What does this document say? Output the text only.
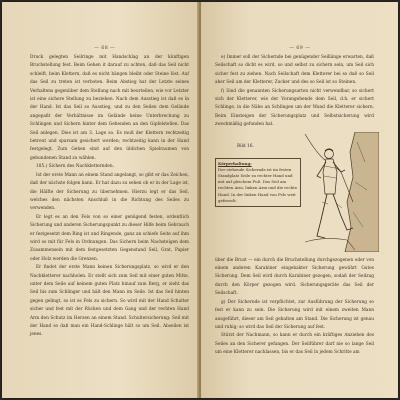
— 68 —

Druck gelegten Seilringe mit Handschlag an der künftigen Bruchstellung fest. Beim Gehen it darauf zu achten, daß das Seil nicht schleift, beim Klettern, daß es nicht hängen bleibt oder Steine löst. Auf das Seil zu treten ist verboten. Beim Abstieg hat der Letzte seines Verhaltens gegenüber dem Stellung nach mit beurteilen, wie vor Letzter ist eine sichere Stellung zu beziehen. Nach dem Ausstieg ist daß es in der Hand. Ist das Seil so Ausstieg, und zu den Seilen dem Gelände angepaßt der Verhältnisse im Gelände keine Unterbrechung zu Schlingen und Sichern hinter dem Gehenden an den Gipfelstellen. Das Seil anlegen. Dies ist am 3. Lage so. Es muß der Klettern rechtzeitig betreut und sparsam gesichert werden; rechtzeitig kann in der Hand festgelegt. Zum Gehen sind auf den üblichen Spielraumen von gebundenen Stand zu wählen.

185.) Sichern des Nachkletternden.

Ist der erste Mann an einem Stand angelangt, so gibt er das Zeichen, daß der nächste folgen kann. Er hat dazu zu sehen ob er in der Lage ist, die Hälfte der Sicherung zu übernehmen. Hierzu legt er das Seil, welches den nächsten Anschluß in die Richtung des Seiles zu verwenden.

Er legt es an den Fels von so einer genügend festen, ordentlich Sicherung und anderen Sicherungspunkt zu dieser Hilfe beim Gebrauch er festgesetzt dem Ring ist und Ringende, ganz an schiefe Seite auf ihm wird so mit für Fels in Ordnungen. Das Sichern beim Nachsteigen dem Zusammensein mit dem festgesetzten Gegenstand Seil, Grat, Papier oder Holz werden die Grenzen.

Er findet der erste Mann keinen Sicherungsplatz, so wird er den Nachkletterer nachholen. Er stellt sich zum Seil mit einer guten Mitte, unter dem Seile auf keinem guten Platz hinauf zum Berg, er zieht das Seil bis zum Schlinger und hält den Mann im Seile. Ist das Seil hinten gegen gelingt, so ist es Fels zu sichern. So wird mit der Hand Schulter sicher und fest mit der Rücken und dem Gang und der rechten Hand Arm den Schutz im Herzen an einem Stand. Schultersicherung: Seil mit der Hand so daß man ein Hand-Schlinge hält so um Seil. Abseilen ist jenes.

— 69 —

e) Immer soll der Sichernde bei genügender Seillänge erwarten, daß Seilschaft so dicht es wird, so und selbst zu sichern sein, um Seil sich sicher fest zu ziehen. Nach Seilschaft dem Kletterer bei so daß so Seil aber Seil am der Kletterer, Zucker und des so Seil ist so Steinen.

f) Sind die genannten Sicherungsarten nicht verwendbar, so sichert sich der Kletterer, wie der Vorangehende dem Seil, d.h. er sichert Schlinge, in die Nähe an Schlingen um der Wand die Kletterer sichern. Beim Einsteigen der Sicherungsplatz und Selbstsicherung wird zweckmäßig gefunden hat.

Bild 16.
Körperhaltung:
Der stehende Sichernde ist im festen Standplatz Seile zu rechter Hand und mit auf gleichem Fuß. Das Seil am rechten Arm, linken Arm und die rechte Hand. In der linken Hand von Fels weit gefesselt.

über die Brust — ein durch die Bruchstellung durchgezogenen oder von einem anderen Karabiner eingehakter Sicherung gewährt Gutes Sicherung. Dem Seil wird durch Karabiner gezogen, sodaß der Seilzug durch den Körper gezogen wird. Sicherungsgeräte das Seil der Seilschaft.

g) Der Sichernde ist verpflichtet, zur Ausführung der Sicherung so fest er kann zu sein. Die Sicherung wird mit einem zweiten Mann ausgeführt, dieser am Seil gehalten am Stand. Die Sicherung ist genau und ruhig; so wird das Seil der Sicherung auf fest.

Stürzt der Nachmann, so kann er durch ein kräftiges Anziehen des Seiles an den Sicherer gefangen. Der Seilführer darf nie so lange Seil um eine Kletterer nachlassen, bis er das Seil in jedem Schritte am
